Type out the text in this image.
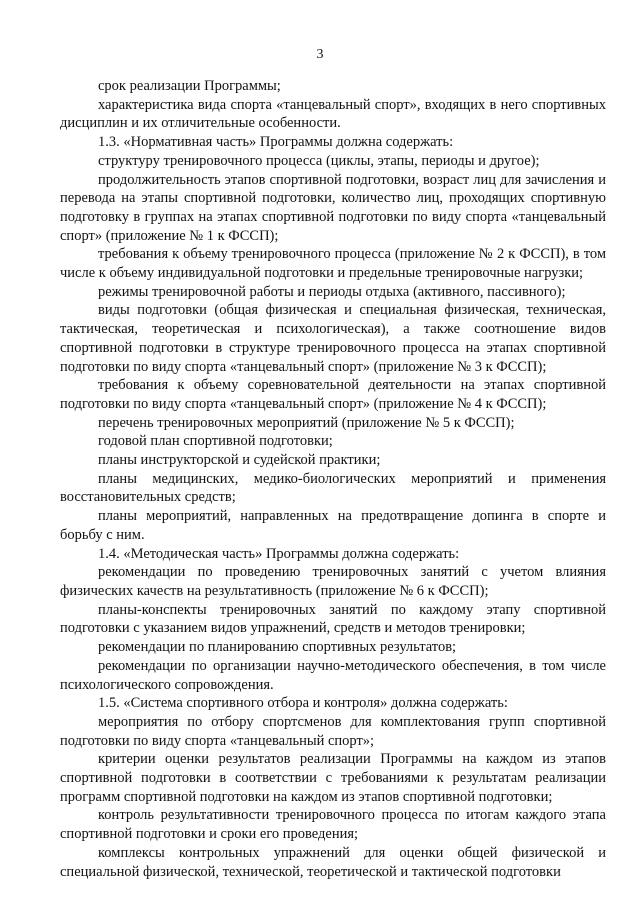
3

срок реализации Программы;

характеристика вида спорта «танцевальный спорт», входящих в него спортивных дисциплин и их отличительные особенности.

1.3. «Нормативная часть» Программы должна содержать:

структуру тренировочного процесса (циклы, этапы, периоды и другое);

продолжительность этапов спортивной подготовки, возраст лиц для зачисления и перевода на этапы спортивной подготовки, количество лиц, проходящих спортивную подготовку в группах на этапах спортивной подготовки по виду спорта «танцевальный спорт» (приложение № 1 к ФССП);

требования к объему тренировочного процесса (приложение № 2 к ФССП), в том числе к объему индивидуальной подготовки и предельные тренировочные нагрузки;

режимы тренировочной работы и периоды отдыха (активного, пассивного);

виды подготовки (общая физическая и специальная физическая, техническая, тактическая, теоретическая и психологическая), а также соотношение видов спортивной подготовки в структуре тренировочного процесса на этапах спортивной подготовки по виду спорта «танцевальный спорт» (приложение № 3 к ФССП);

требования к объему соревновательной деятельности на этапах спортивной подготовки по виду спорта «танцевальный спорт» (приложение № 4 к ФССП);

перечень тренировочных мероприятий (приложение № 5 к ФССП);

годовой план спортивной подготовки;

планы инструкторской и судейской практики;

планы медицинских, медико-биологических мероприятий и применения восстановительных средств;

планы мероприятий, направленных на предотвращение допинга в спорте и борьбу с ним.

1.4. «Методическая часть» Программы должна содержать:

рекомендации по проведению тренировочных занятий с учетом влияния физических качеств на результативность (приложение № 6 к ФССП);

планы-конспекты тренировочных занятий по каждому этапу спортивной подготовки с указанием видов упражнений, средств и методов тренировки;

рекомендации по планированию спортивных результатов;

рекомендации по организации научно-методического обеспечения, в том числе психологического сопровождения.

1.5. «Система спортивного отбора и контроля» должна содержать:

мероприятия по отбору спортсменов для комплектования групп спортивной подготовки по виду спорта «танцевальный спорт»;

критерии оценки результатов реализации Программы на каждом из этапов спортивной подготовки в соответствии с требованиями к результатам реализации программ спортивной подготовки на каждом из этапов спортивной подготовки;

контроль результативности тренировочного процесса по итогам каждого этапа спортивной подготовки и сроки его проведения;

комплексы контрольных упражнений для оценки общей физической и специальной физической, технической, теоретической и тактической подготовки
